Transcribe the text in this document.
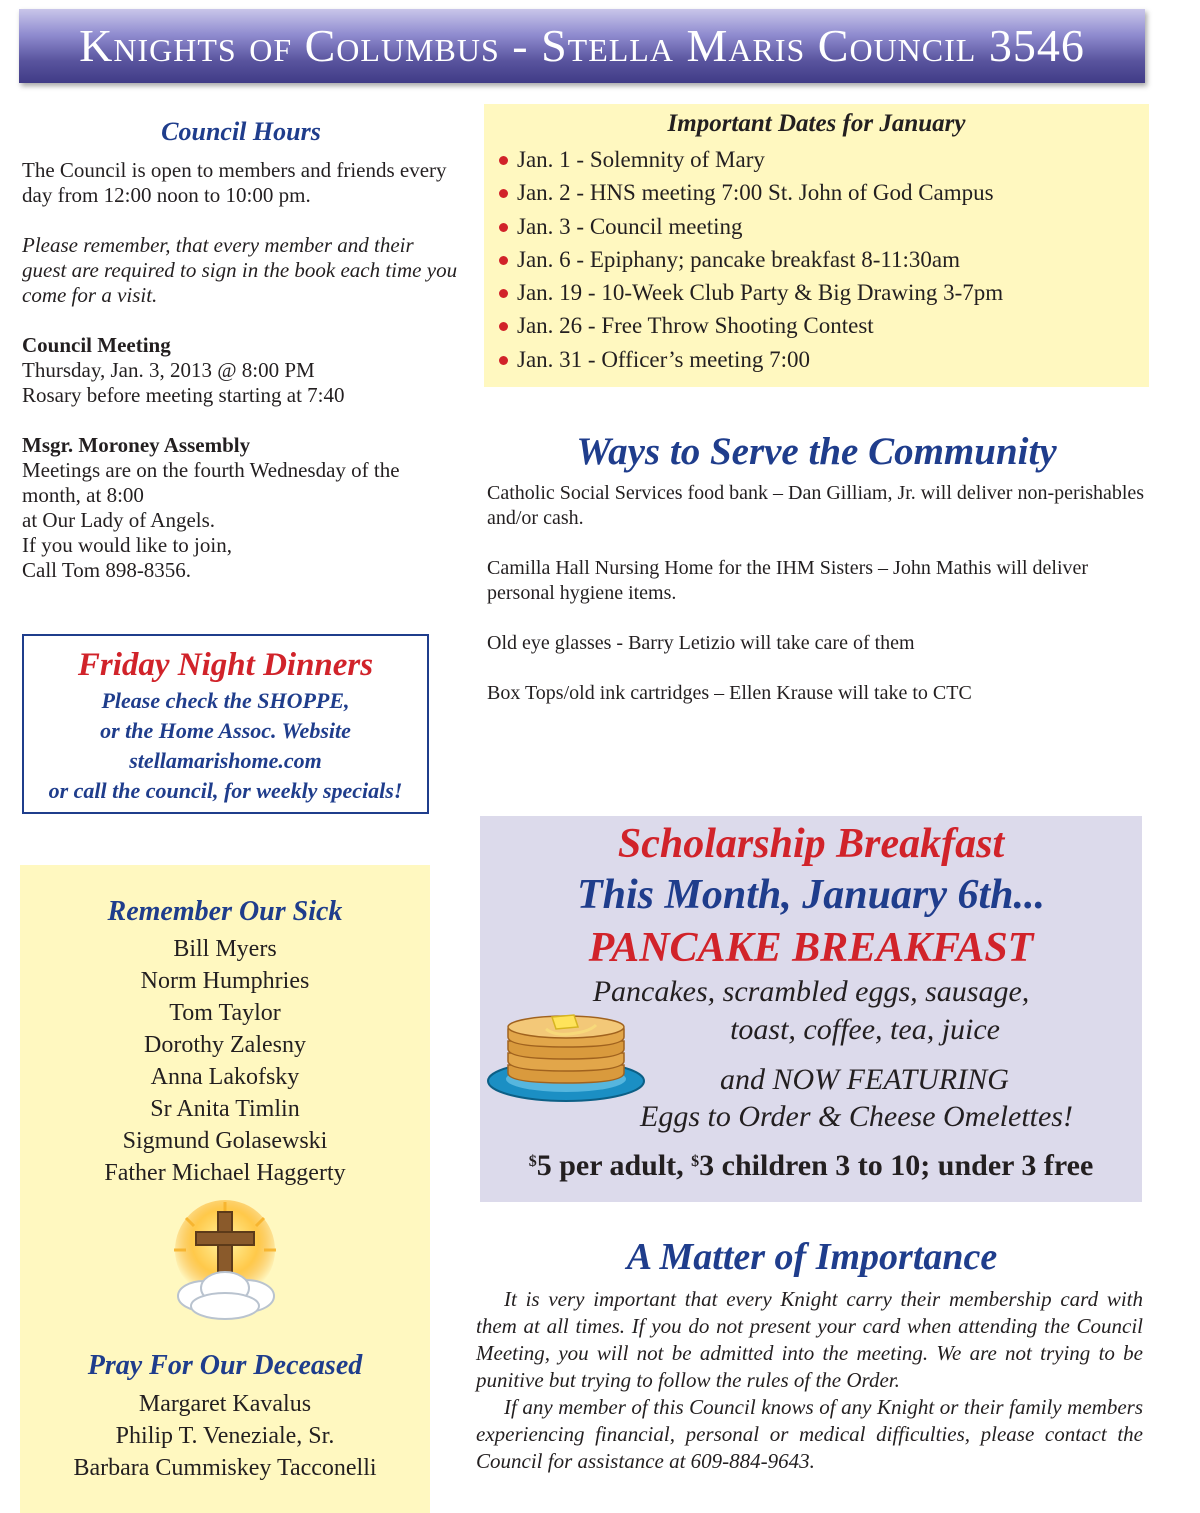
Knights of Columbus - Stella Maris Council 3546
Council Hours
The Council is open to members and friends every day from 12:00 noon to 10:00 pm.
Please remember, that every member and their guest are required to sign in the book each time you come for a visit.
Council Meeting
Thursday, Jan. 3, 2013 @ 8:00 PM
Rosary before meeting starting at 7:40
Msgr. Moroney Assembly
Meetings are on the fourth Wednesday of the month, at 8:00
at Our Lady of Angels.
If you would like to join,
Call Tom 898-8356.
Friday Night Dinners
Please check the SHOPPE,
or the Home Assoc. Website
stellamarishome.com
or call the council, for weekly specials!
Remember Our Sick
Bill Myers
Norm Humphries
Tom Taylor
Dorothy Zalesny
Anna Lakofsky
Sr Anita Timlin
Sigmund Golasewski
Father Michael Haggerty
Pray For Our Deceased
Margaret Kavalus
Philip T. Veneziale, Sr.
Barbara Cummiskey Tacconelli
Important Dates for January
Jan. 1 - Solemnity of Mary
Jan. 2 - HNS meeting 7:00 St. John of God Campus
Jan. 3 - Council meeting
Jan. 6 - Epiphany; pancake breakfast 8-11:30am
Jan. 19 - 10-Week Club Party & Big Drawing 3-7pm
Jan. 26 - Free Throw Shooting Contest
Jan. 31 - Officer’s meeting 7:00
Ways to Serve the Community

Catholic Social Services food bank – Dan Gilliam, Jr. will deliver non-perishables and/or cash.

Camilla Hall Nursing Home for the IHM Sisters – John Mathis will deliver personal hygiene items.

Old eye glasses - Barry Letizio will take care of them

Box Tops/old ink cartridges – Ellen Krause will take to CTC

Scholarship Breakfast
This Month, January 6th...
PANCAKE BREAKFAST
Pancakes, scrambled eggs, sausage,
toast, coffee, tea, juice
and NOW FEATURING
Eggs to Order & Cheese Omelettes!
$5 per adult, $3 children 3 to 10; under 3 free
A Matter of Importance

It is very important that every Knight carry their membership card with them at all times. If you do not present your card when attending the Council Meeting, you will not be admitted into the meeting. We are not trying to be punitive but trying to follow the rules of the Order.

If any member of this Council knows of any Knight or their family members experiencing financial, personal or medical difficulties, please contact the Council for assistance at 609-884-9643.
